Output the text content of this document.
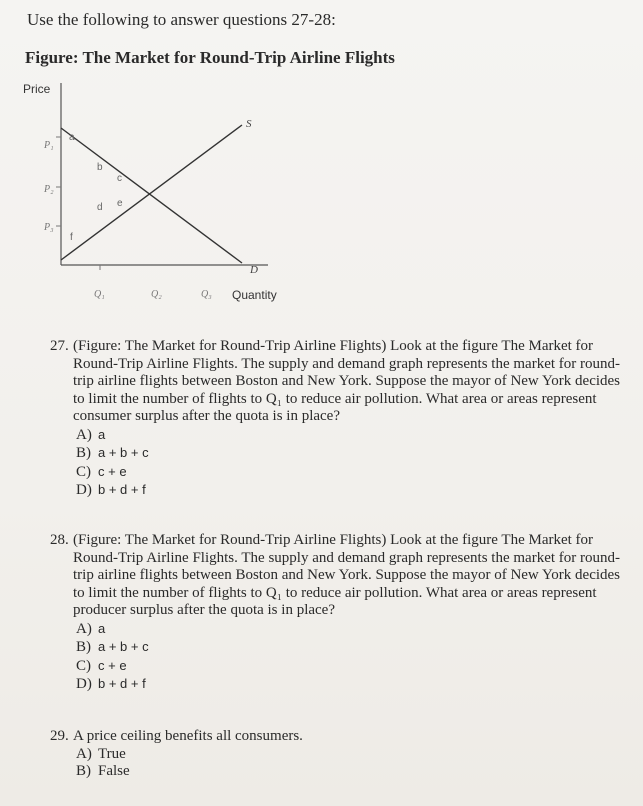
Use the following to answer questions 27-28:
Figure: The Market for Round-Trip Airline Flights
Price
Quantity
P₁
P₂
P₃
Q₁	Q₂	Q₃
S
D
a
b
c
d e
f
27. (Figure: The Market for Round-Trip Airline Flights) Look at the figure The Market for Round-Trip Airline Flights. The supply and demand graph represents the market for round-trip airline flights between Boston and New York. Suppose the mayor of New York decides to limit the number of flights to Q₁ to reduce air pollution. What area or areas represent consumer surplus after the quota is in place?
A) a
B) a + b + c
C) c + e
D) b + d + f
28. (Figure: The Market for Round-Trip Airline Flights) Look at the figure The Market for Round-Trip Airline Flights. The supply and demand graph represents the market for round-trip airline flights between Boston and New York. Suppose the mayor of New York decides to limit the number of flights to Q₁ to reduce air pollution. What area or areas represent producer surplus after the quota is in place?
A) a
B) a + b + c
C) c + e
D) b + d + f
29. A price ceiling benefits all consumers.
A) True
B) False
